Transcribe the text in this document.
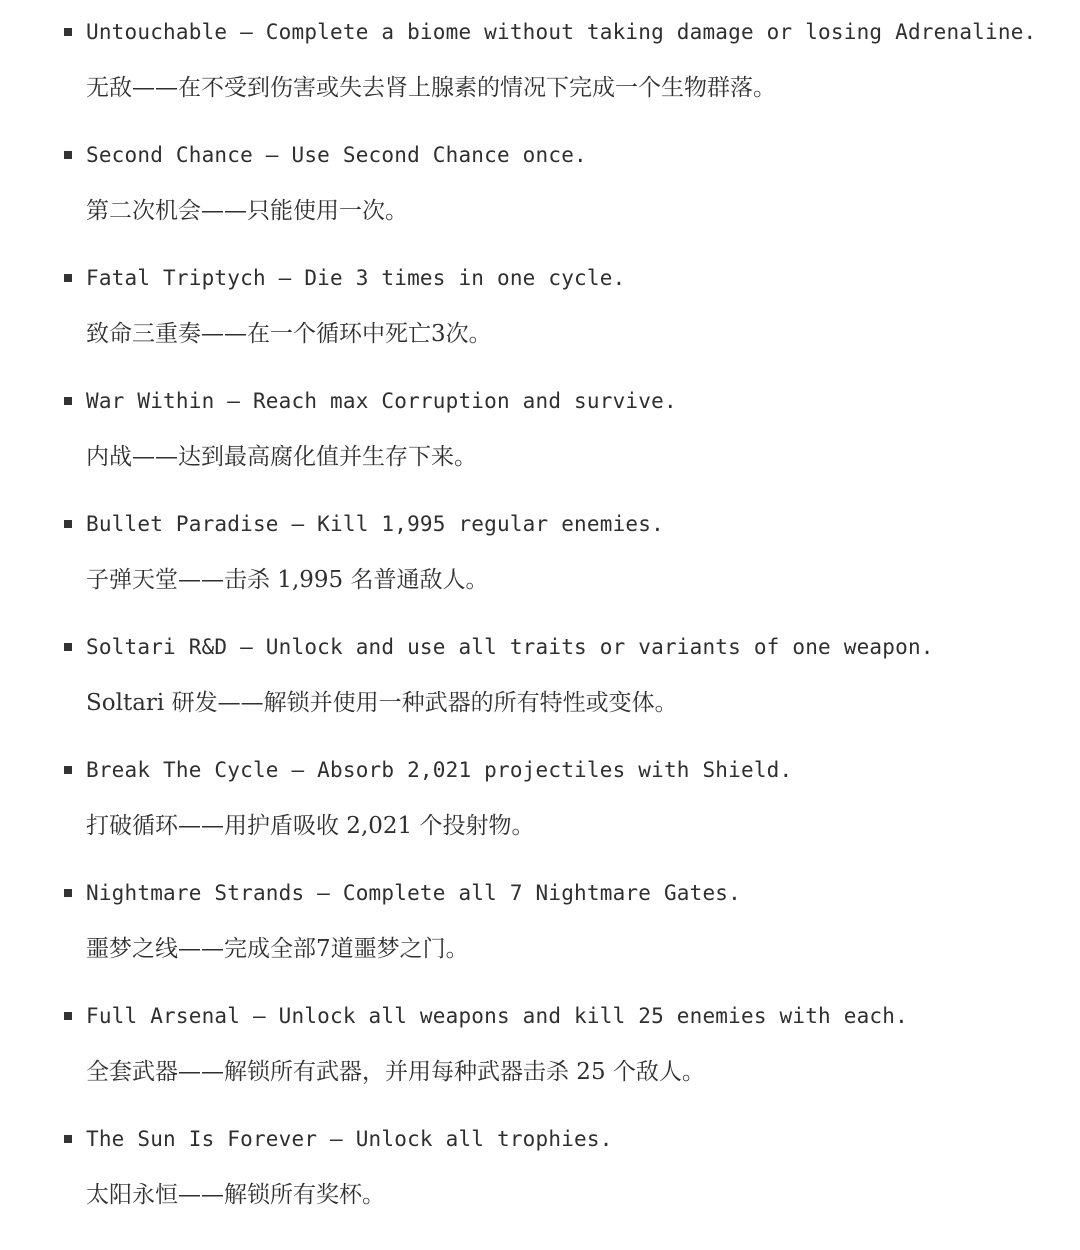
Untouchable — Complete a biome without taking damage or losing Adrenaline.
无敌——在不受到伤害或失去肾上腺素的情况下完成一个生物群落。
Second Chance — Use Second Chance once.
第二次机会——只能使用一次。
Fatal Triptych — Die 3 times in one cycle.
致命三重奏——在一个循环中死亡3次。
War Within — Reach max Corruption and survive.
内战——达到最高腐化值并生存下来。
Bullet Paradise — Kill 1,995 regular enemies.
子弹天堂——击杀 1,995 名普通敌人。
Soltari R&D — Unlock and use all traits or variants of one weapon.
Soltari 研发——解锁并使用一种武器的所有特性或变体。
Break The Cycle — Absorb 2,021 projectiles with Shield.
打破循环——用护盾吸收 2,021 个投射物。
Nightmare Strands — Complete all 7 Nightmare Gates.
噩梦之线——完成全部7道噩梦之门。
Full Arsenal — Unlock all weapons and kill 25 enemies with each.
全套武器——解锁所有武器，并用每种武器击杀 25 个敌人。
The Sun Is Forever — Unlock all trophies.
太阳永恒——解锁所有奖杯。
